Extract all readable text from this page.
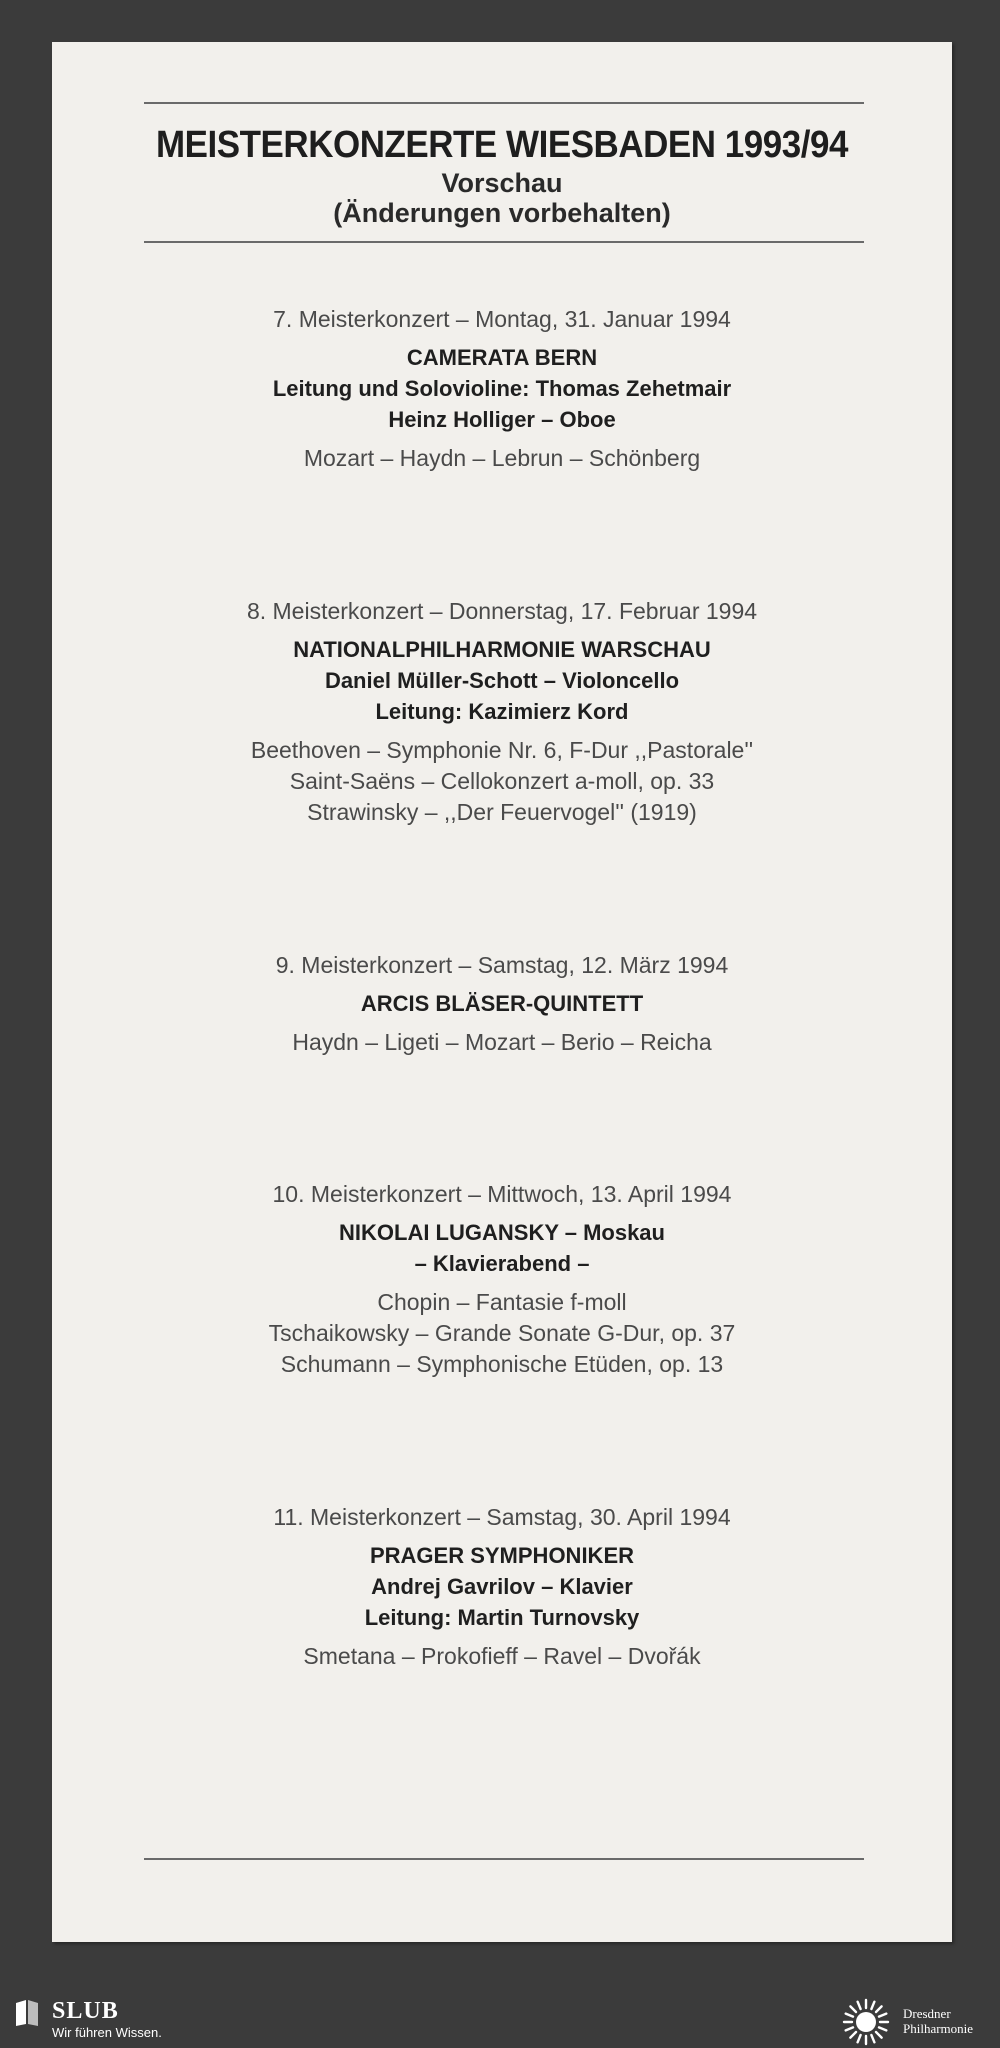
MEISTERKONZERTE WIESBADEN 1993/94
Vorschau
(Änderungen vorbehalten)
7. Meisterkonzert – Montag, 31. Januar 1994
CAMERATA BERN
Leitung und Solovioline: Thomas Zehetmair
Heinz Holliger – Oboe
Mozart – Haydn – Lebrun – Schönberg
8. Meisterkonzert – Donnerstag, 17. Februar 1994
NATIONALPHILHARMONIE WARSCHAU
Daniel Müller-Schott – Violoncello
Leitung: Kazimierz Kord
Beethoven – Symphonie Nr. 6, F-Dur ,,Pastorale''
Saint-Saëns – Cellokonzert a-moll, op. 33
Strawinsky – ,,Der Feuervogel'' (1919)
9. Meisterkonzert – Samstag, 12. März 1994
ARCIS BLÄSER-QUINTETT
Haydn – Ligeti – Mozart – Berio – Reicha
10. Meisterkonzert – Mittwoch, 13. April 1994
NIKOLAI LUGANSKY – Moskau
– Klavierabend –
Chopin – Fantasie f-moll
Tschaikowsky – Grande Sonate G-Dur, op. 37
Schumann – Symphonische Etüden, op. 13
11. Meisterkonzert – Samstag, 30. April 1994
PRAGER SYMPHONIKER
Andrej Gavrilov – Klavier
Leitung: Martin Turnovsky
Smetana – Prokofieff – Ravel – Dvořák
SLUB
Wir führen Wissen.
Dresdner
Philharmonie
